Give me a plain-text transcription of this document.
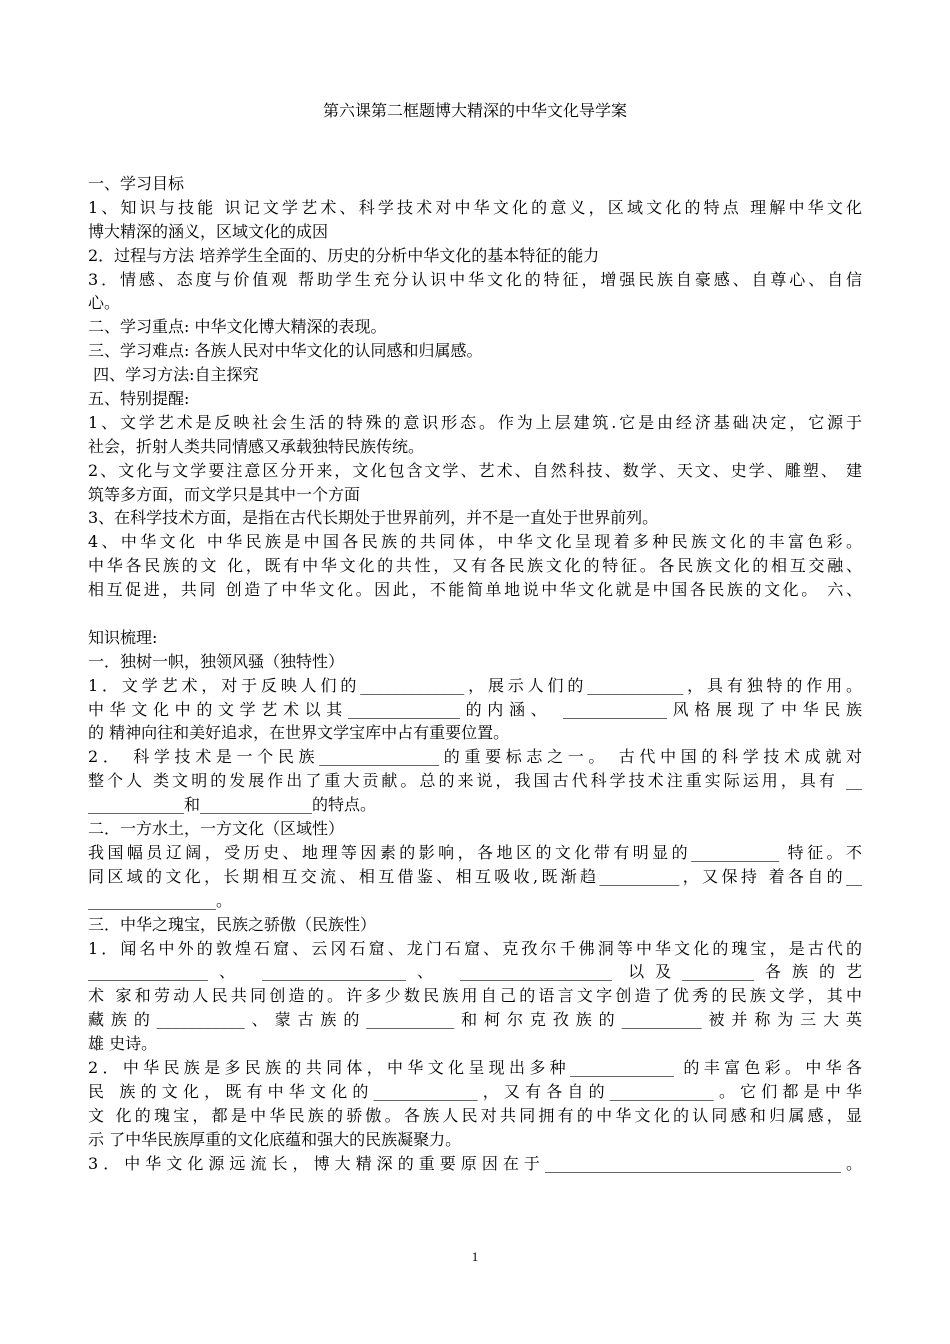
第六课第二框题博大精深的中华文化导学案
一、学习目标
1、知识与技能 识记文学艺术、科学技术对中华文化的意义，区域文化的特点 理解中华文化
博大精深的涵义，区域文化的成因
2．过程与方法 培养学生全面的、历史的分析中华文化的基本特征的能力
3．情感、态度与价值观 帮助学生充分认识中华文化的特征，增强民族自豪感、自尊心、自信
心。
二、学习重点: 中华文化博大精深的表现。
三、学习难点: 各族人民对中华文化的认同感和归属感。
四、学习方法:自主探究
五、特别提醒:
1、文学艺术是反映社会生活的特殊的意识形态。作为上层建筑.它是由经济基础决定，它源于
社会，折射人类共同情感又承载独特民族传统。
2、文化与文学要注意区分开来，文化包含文学、艺术、自然科技、数学、天文、史学、雕塑、 建
筑等多方面，而文学只是其中一个方面
3、在科学技术方面，是指在古代长期处于世界前列，并不是一直处于世界前列。
4、中华文化 中华民族是中国各民族的共同体，中华文化呈现着多种民族文化的丰富色彩。
中华各民族的文 化，既有中华文化的共性，又有各民族文化的特征。各民族文化的相互交融、
相互促进，共同 创造了中华文化。因此，不能简单地说中华文化就是中国各民族的文化。 六、
知识梳理:
一．独树一帜，独领风骚（独特性）
1．文学艺术，对于反映人们的_____________，展示人们的____________，具有独特的作用。
中华文化中的文学艺术以其______________的内涵、 _____________风格展现了中华民族
的 精神向往和美好追求，在世界文学宝库中占有重要位置。
2． 科学技术是一个民族_______________的重要标志之一。 古代中国的科学技术成就对
整个人 类文明的发展作出了重大贡献。总的来说，我国古代科学技术注重实际运用，具有 __
____________和______________的特点。
二．一方水土，一方文化（区域性）
我国幅员辽阔，受历史、地理等因素的影响，各地区的文化带有明显的___________ 特征。不
同区域的文化，长期相互交流、相互借鉴、相互吸收,既渐趋__________，又保持 着各自的__
________________。
三．中华之瑰宝，民族之骄傲（民族性）
1．闻名中外的敦煌石窟、云冈石窟、龙门石窟、克孜尔千佛洞等中华文化的瑰宝，是古代的
_______________、 __________________、 ___________________ 以及_________各族的艺
术 家和劳动人民共同创造的。许多少数民族用自己的语言文字创造了优秀的民族文学，其中
藏族的___________、蒙古族的___________和柯尔克孜族的__________被并称为三大英
雄 史诗。
2．中华民族是多民族的共同体，中华文化呈现出多种_____________ 的丰富色彩。中华各
民 族的文化，既有中华文化的_____________，又有各自的_____________。它们都是中华
文 化的瑰宝，都是中华民族的骄傲。各族人民对共同拥有的中华文化的认同感和归属感，显
示 了中华民族厚重的文化底蕴和强大的民族凝聚力。
3．中华文化源远流长，博大精深的重要原因在于_____________________________________。
1
